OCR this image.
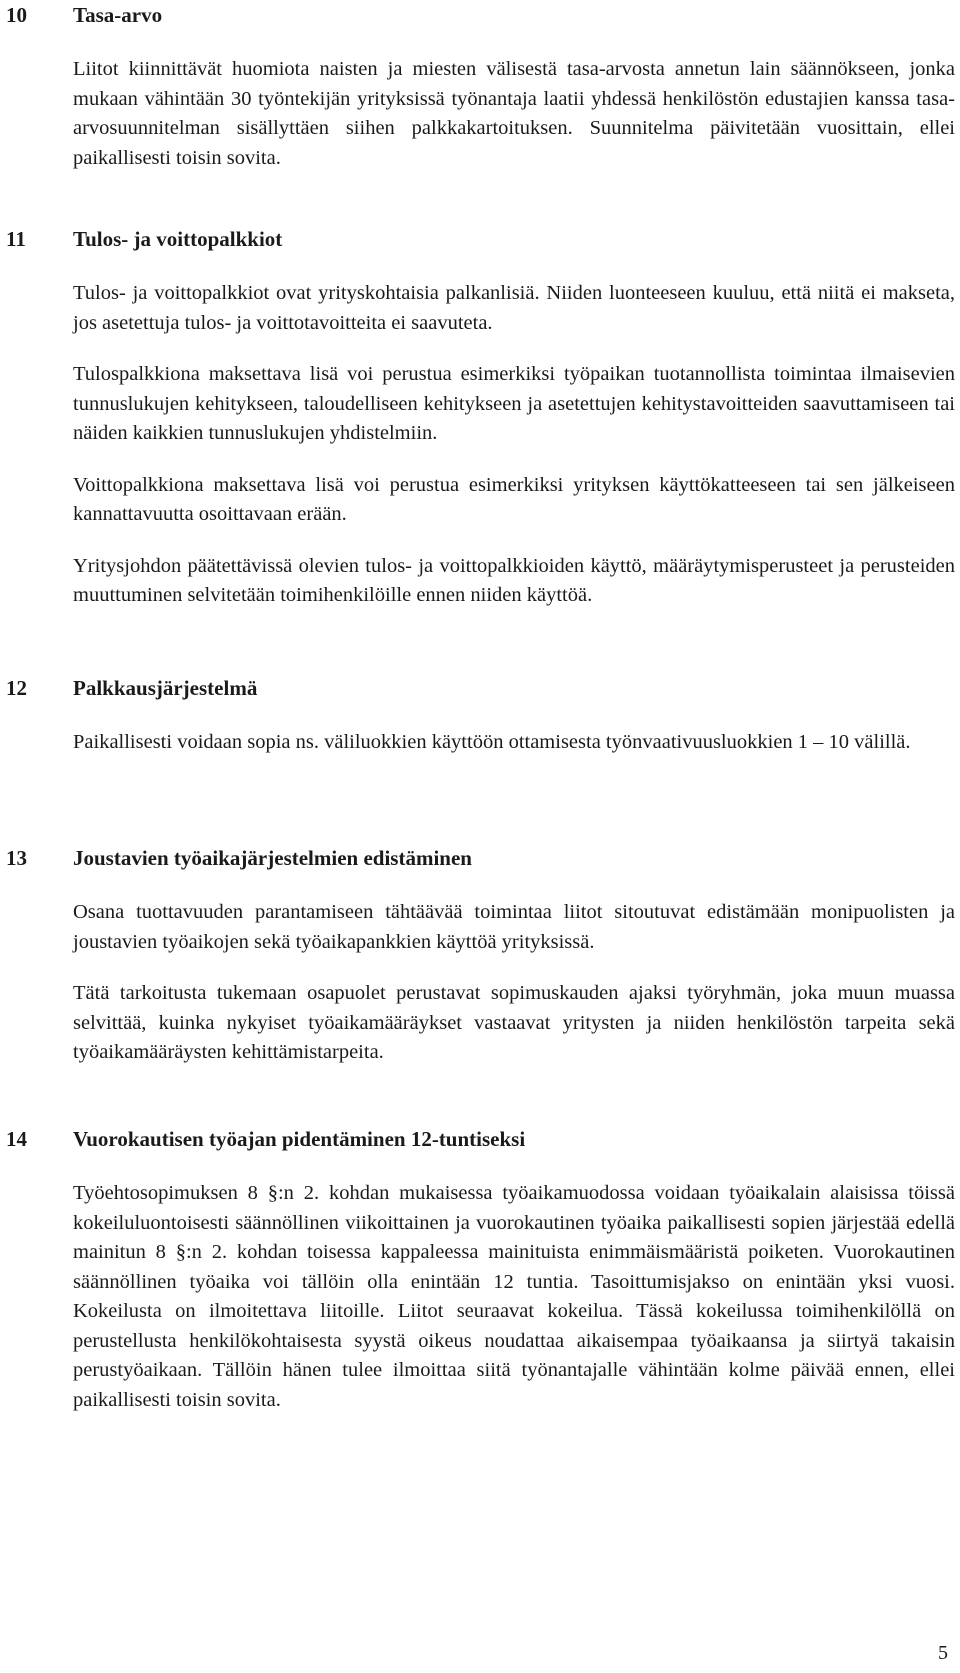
10 Tasa-arvo

Liitot kiinnittävät huomiota naisten ja miesten välisestä tasa-arvosta annetun lain säännökseen, jonka mukaan vähintään 30 työntekijän yrityksissä työnantaja laatii yhdessä henkilöstön edustajien kanssa tasa-arvosuunnitelman sisällyttäen siihen palkkakartoituksen. Suunnitelma päivitetään vuosittain, ellei paikallisesti toisin sovita.

11 Tulos- ja voittopalkkiot

Tulos- ja voittopalkkiot ovat yrityskohtaisia palkanlisiä. Niiden luonteeseen kuuluu, että niitä ei makseta, jos asetettuja tulos- ja voittotavoitteita ei saavuteta.

Tulospalkkiona maksettava lisä voi perustua esimerkiksi työpaikan tuotannollista toimintaa ilmaisevien tunnuslukujen kehitykseen, taloudelliseen kehitykseen ja asetettujen kehitystavoitteiden saavuttamiseen tai näiden kaikkien tunnuslukujen yhdistelmiin.

Voittopalkkiona maksettava lisä voi perustua esimerkiksi yrityksen käyttökatteeseen tai sen jälkeiseen kannattavuutta osoittavaan erään.

Yritysjohdon päätettävissä olevien tulos- ja voittopalkkioiden käyttö, määräytymisperusteet ja perusteiden muuttuminen selvitetään toimihenkilöille ennen niiden käyttöä.

12 Palkkausjärjestelmä

Paikallisesti voidaan sopia ns. väliluokkien käyttöön ottamisesta työnvaativuusluokkien 1 – 10 välillä.

13 Joustavien työaikajärjestelmien edistäminen

Osana tuottavuuden parantamiseen tähtäävää toimintaa liitot sitoutuvat edistämään monipuolisten ja joustavien työaikojen sekä työaikapankkien käyttöä yrityksissä.

Tätä tarkoitusta tukemaan osapuolet perustavat sopimuskauden ajaksi työryhmän, joka muun muassa selvittää, kuinka nykyiset työaikamääräykset vastaavat yritysten ja niiden henkilöstön tarpeita sekä työaikamääräysten kehittämistarpeita.

14 Vuorokautisen työajan pidentäminen 12-tuntiseksi

Työehtosopimuksen 8 §:n 2. kohdan mukaisessa työaikamuodossa voidaan työaikalain alaisissa töissä kokeiluluontoisesti säännöllinen viikoittainen ja vuorokautinen työaika paikallisesti sopien järjestää edellä mainitun 8 §:n 2. kohdan toisessa kappaleessa mainituista enimmäismääristä poiketen. Vuorokautinen säännöllinen työaika voi tällöin olla enintään 12 tuntia. Tasoittumisjakso on enintään yksi vuosi. Kokeilusta on ilmoitettava liitoille. Liitot seuraavat kokeilua. Tässä kokeilussa toimihenkilöllä on perustellusta henkilökohtaisesta syystä oikeus noudattaa aikaisempaa työaikaansa ja siirtyä takaisin perustyöaikaan. Tällöin hänen tulee ilmoittaa siitä työnantajalle vähintään kolme päivää ennen, ellei paikallisesti toisin sovita.

5
